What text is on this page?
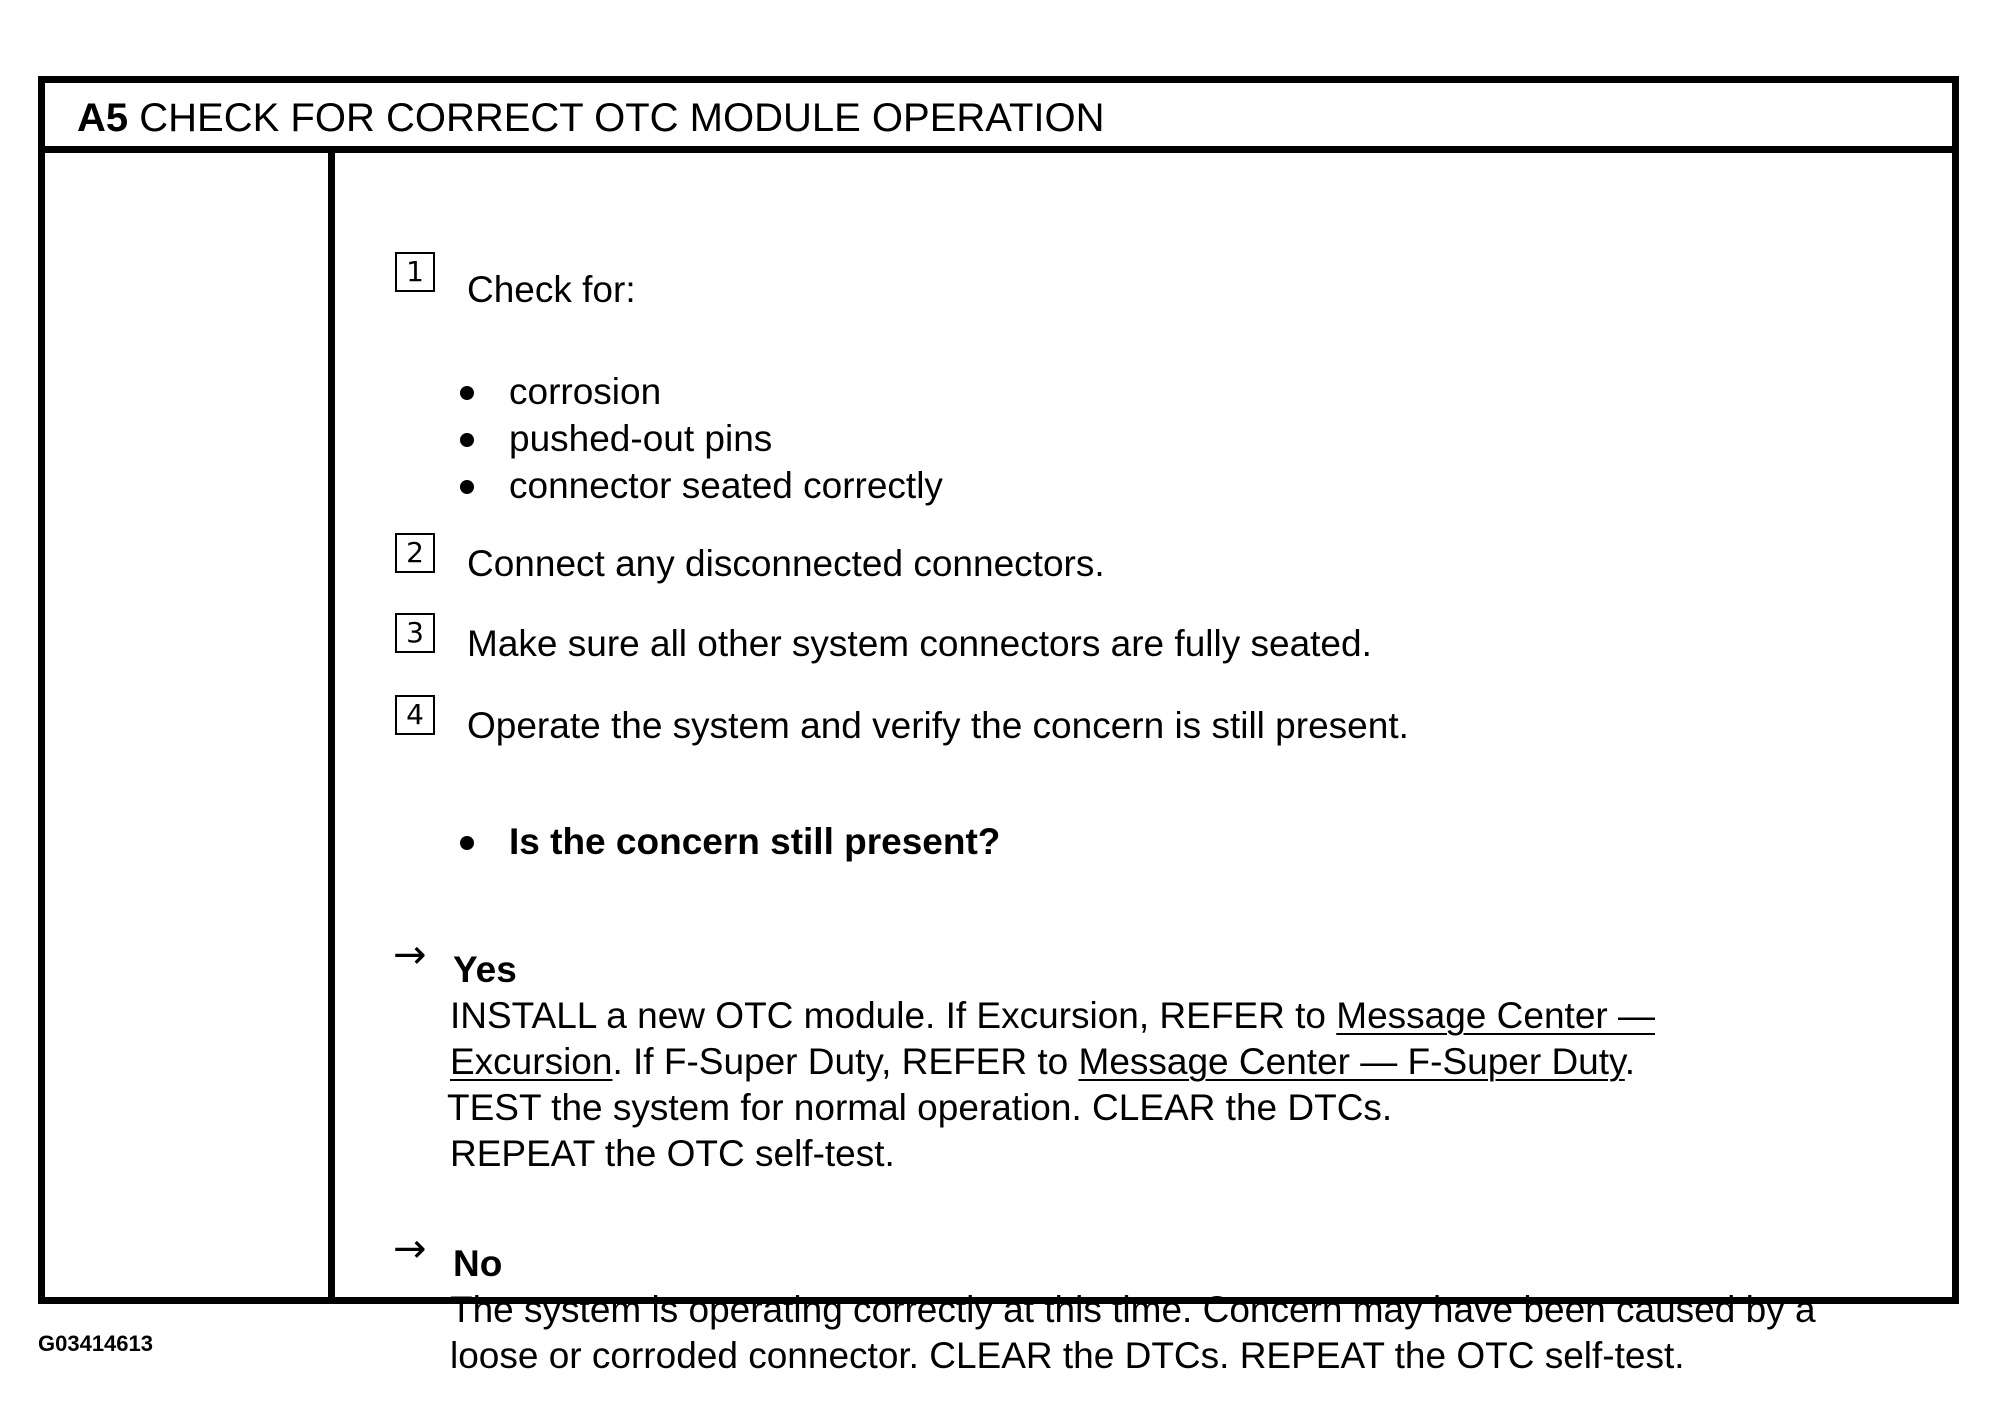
A5 CHECK FOR CORRECT OTC MODULE OPERATION
1 Check for:
corrosion
pushed-out pins
connector seated correctly
2 Connect any disconnected connectors.
3 Make sure all other system connectors are fully seated.
4 Operate the system and verify the concern is still present.
Is the concern still present?
→ Yes
INSTALL a new OTC module. If Excursion, REFER to Message Center —
Excursion. If F-Super Duty, REFER to Message Center — F-Super Duty.
TEST the system for normal operation. CLEAR the DTCs.
REPEAT the OTC self-test.
→ No
The system is operating correctly at this time. Concern may have been caused by a
loose or corroded connector. CLEAR the DTCs. REPEAT the OTC self-test.
G03414613
